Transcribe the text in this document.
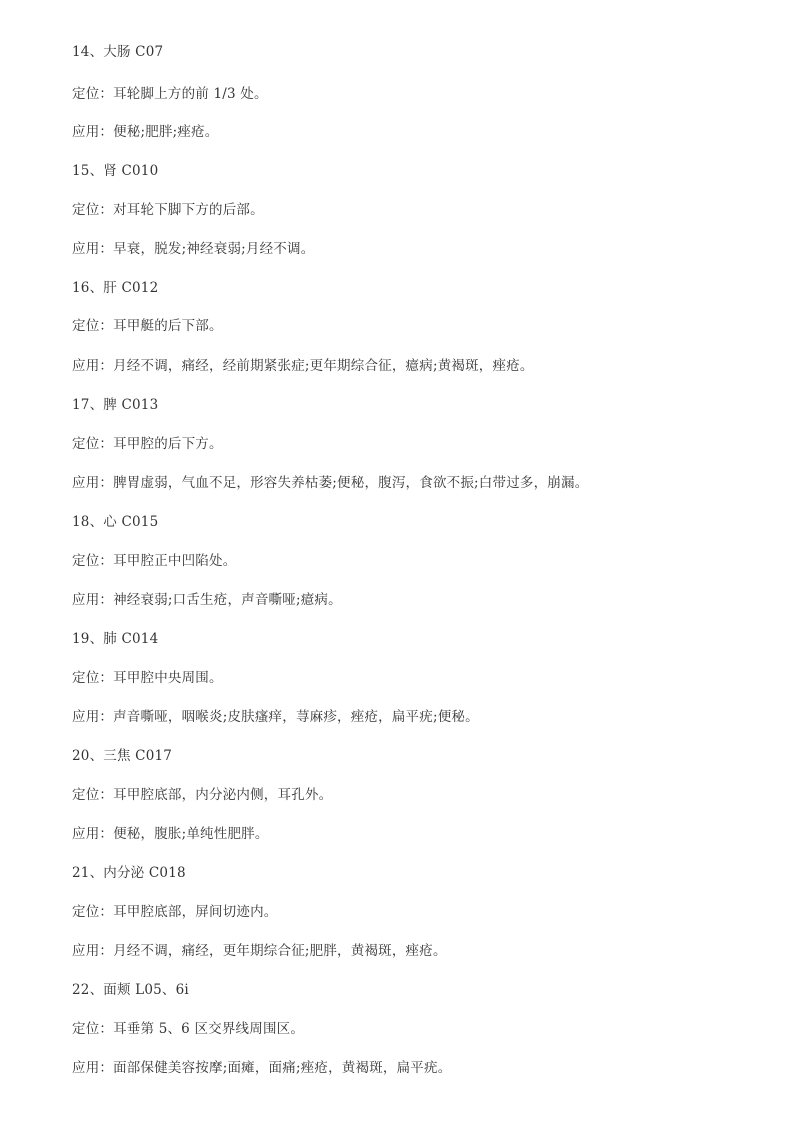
14、大肠 C07
定位：耳轮脚上方的前 1/3 处。
应用：便秘;肥胖;痤疮。
15、肾 C010
定位：对耳轮下脚下方的后部。
应用：早衰，脱发;神经衰弱;月经不调。
16、肝 C012
定位：耳甲艇的后下部。
应用：月经不调，痛经，经前期紧张症;更年期综合征，癔病;黄褐斑，痤疮。
17、脾 C013
定位：耳甲腔的后下方。
应用：脾胃虚弱，气血不足，形容失养枯萎;便秘，腹泻，食欲不振;白带过多，崩漏。
18、心 C015
定位：耳甲腔正中凹陷处。
应用：神经衰弱;口舌生疮，声音嘶哑;癔病。
19、肺 C014
定位：耳甲腔中央周围。
应用：声音嘶哑，咽喉炎;皮肤瘙痒，荨麻疹，痤疮，扁平疣;便秘。
20、三焦 C017
定位：耳甲腔底部，内分泌内侧，耳孔外。
应用：便秘，腹胀;单纯性肥胖。
21、内分泌 C018
定位：耳甲腔底部，屏间切迹内。
应用：月经不调，痛经，更年期综合征;肥胖，黄褐斑，痤疮。
22、面颊 L05、6i
定位：耳垂第 5、6 区交界线周围区。
应用：面部保健美容按摩;面瘫，面痛;痤疮，黄褐斑，扁平疣。
